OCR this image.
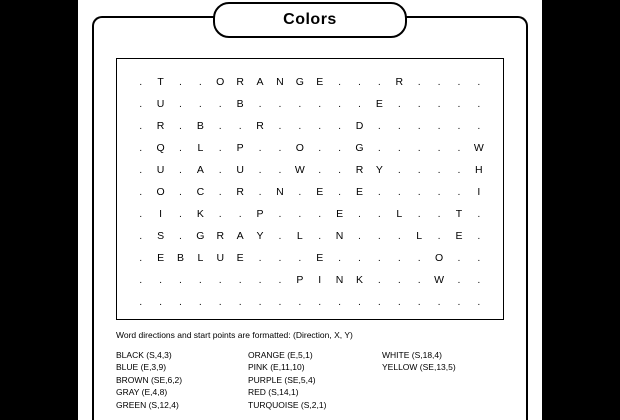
Colors
.	T	.	.	O	R	A	N	G	E	.	.	.	R	.	.	.	.
.	U	.	.	.	B	.	.	.	.	.	.	E	.	.	.	.	.
.	R	.	B	.	.	R	.	.	.	.	D	.	.	.	.	.	.
.	Q	.	L	.	P	.	.	O	.	.	G	.	.	.	.	.	W
.	U	.	A	.	U	.	.	W	.	.	R	Y	.	.	.	.	H
.	O	.	C	.	R	.	N	.	E	.	E	.	.	.	.	.	I
.	I	.	K	.	.	P	.	.	.	E	.	.	L	.	.	T	.
.	S	.	G	R	A	Y	.	L	.	N	.	.	.	L	.	E	.
.	E	B	L	U	E	.	.	.	E	.	.	.	.	.	O	.	.
.	.	.	.	.	.	.	.	P	I	N	K	.	.	.	W	.	.
.	.	.	.	.	.	.	.	.	.	.	.	.	.	.	.	.	.
Word directions and start points are formatted: (Direction, X, Y)
BLACK (S,4,3)
BLUE (E,3,9)
BROWN (SE,6,2)
GRAY (E,4,8)
GREEN (S,12,4)
ORANGE (E,5,1)
PINK (E,11,10)
PURPLE (SE,5,4)
RED (S,14,1)
TURQUOISE (S,2,1)
WHITE (S,18,4)
YELLOW (SE,13,5)
